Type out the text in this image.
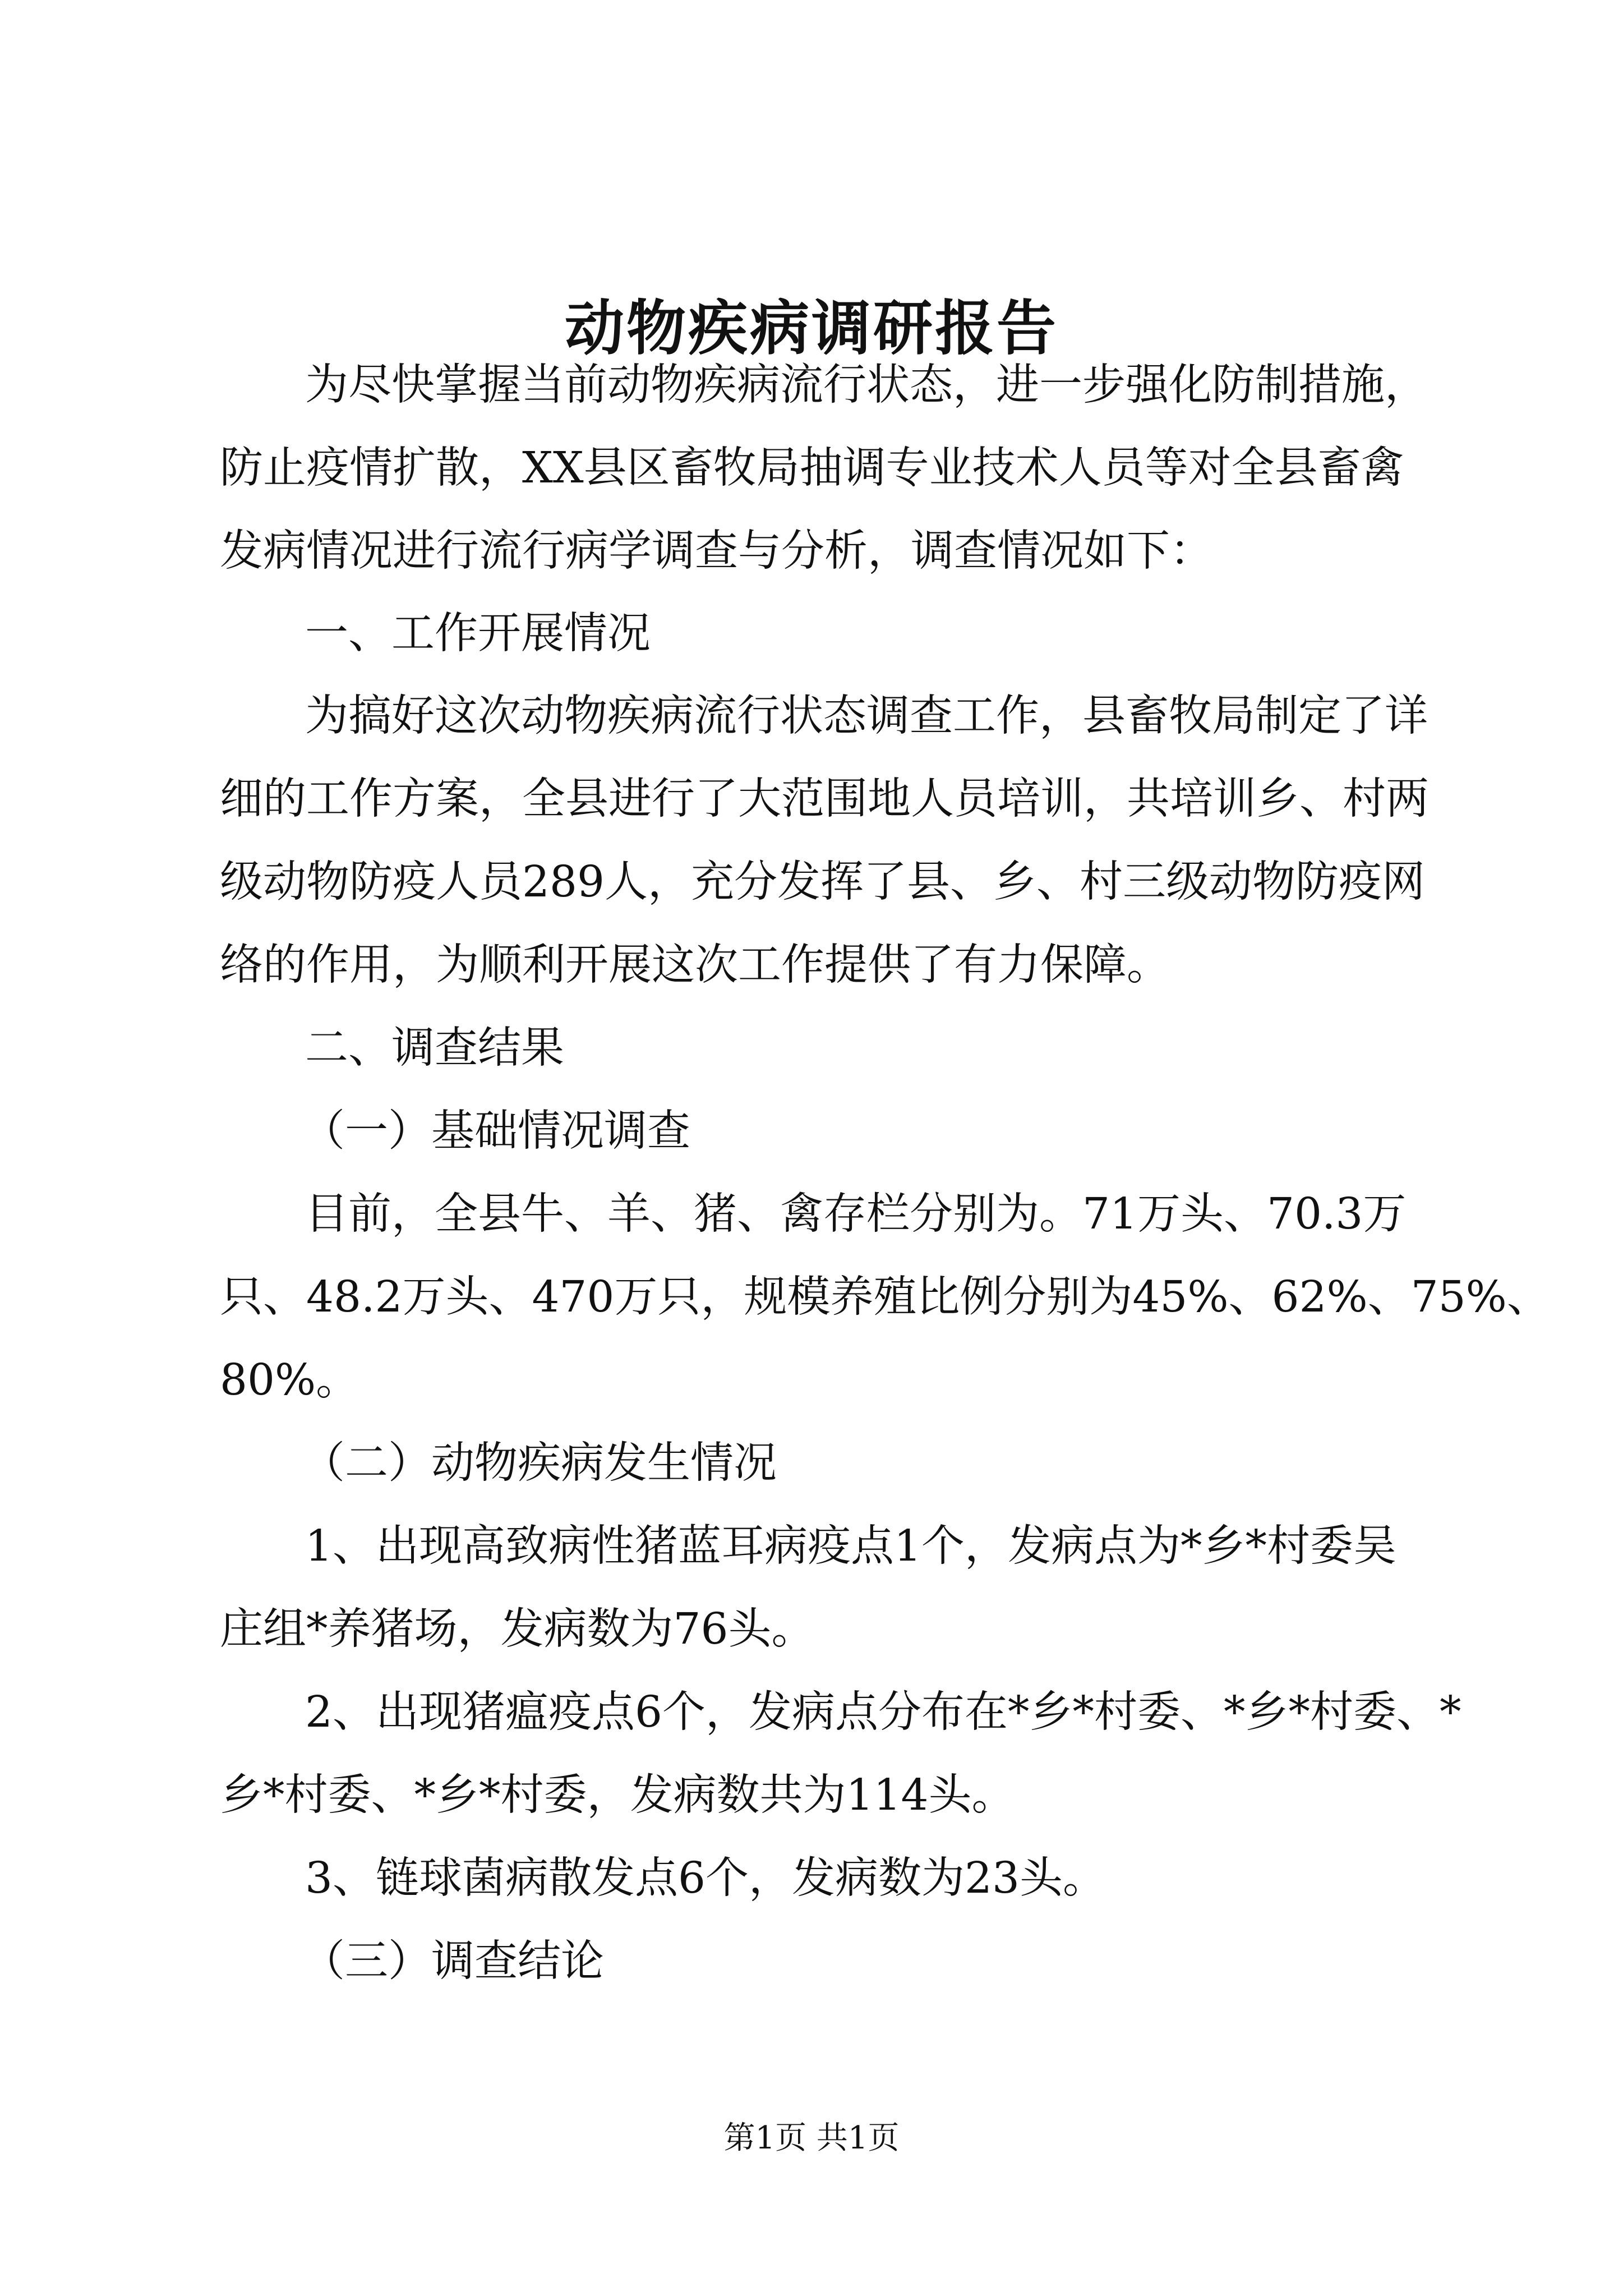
动物疾病调研报告
为尽快掌握当前动物疾病流行状态，进一步强化防制措施，
防止疫情扩散，XX县区畜牧局抽调专业技术人员等对全县畜禽
发病情况进行流行病学调查与分析，调查情况如下：
一、工作开展情况
为搞好这次动物疾病流行状态调查工作，县畜牧局制定了详
细的工作方案，全县进行了大范围地人员培训，共培训乡、村两
级动物防疫人员289人，充分发挥了县、乡、村三级动物防疫网
络的作用，为顺利开展这次工作提供了有力保障。
二、调查结果
（一）基础情况调查
目前，全县牛、羊、猪、禽存栏分别为。71万头、70.3万
只、48.2万头、470万只，规模养殖比例分别为45%、62%、75%、
80%。
（二）动物疾病发生情况
1、出现高致病性猪蓝耳病疫点1个，发病点为*乡*村委吴
庄组*养猪场，发病数为76头。
2、出现猪瘟疫点6个，发病点分布在*乡*村委、*乡*村委、*
乡*村委、*乡*村委，发病数共为114头。
3、链球菌病散发点6个，发病数为23头。
（三）调查结论
第1页 共1页
